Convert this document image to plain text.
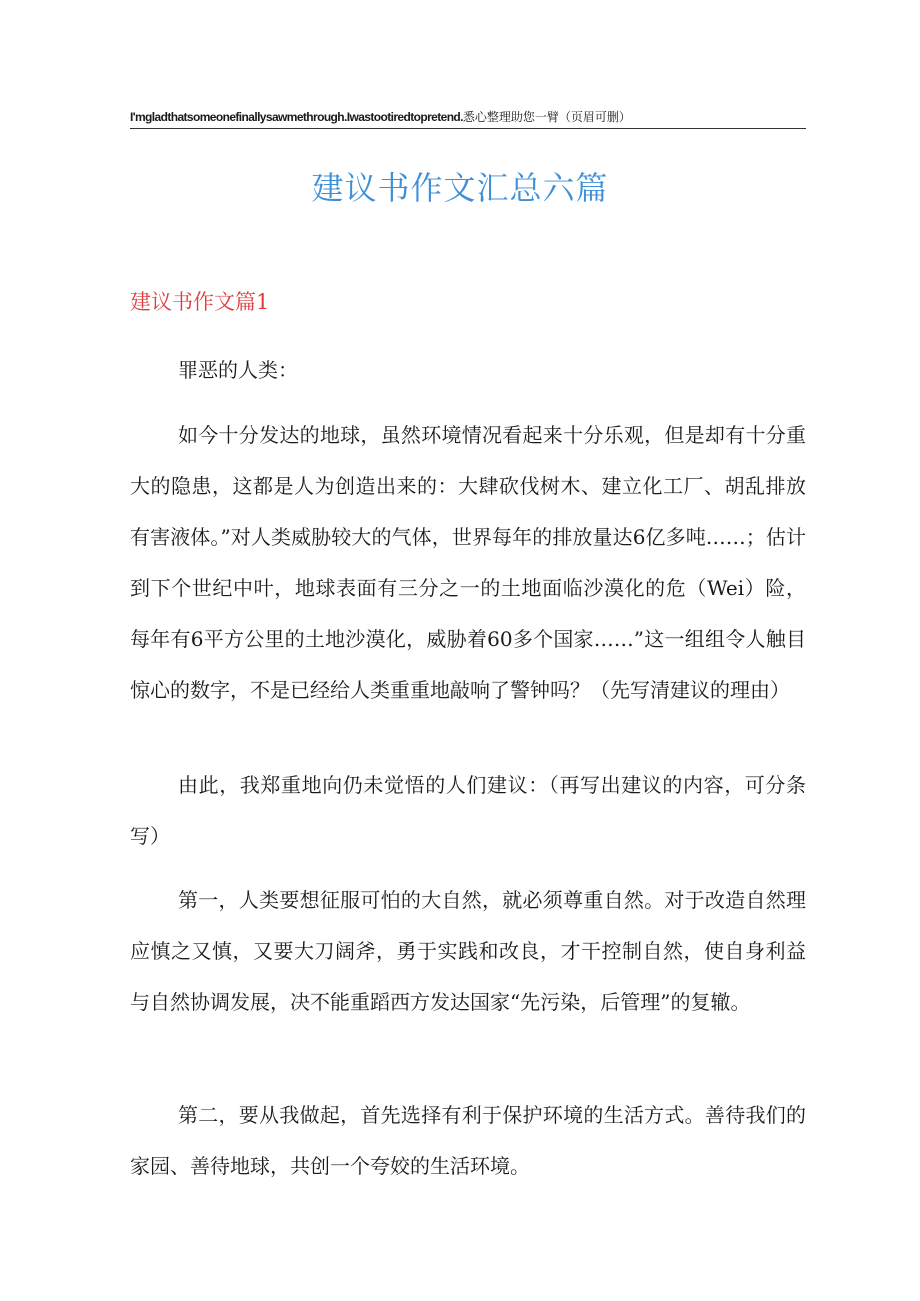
I'mgladthatsomeonefinallysawmethrough.Iwastootiredtopretend.悉心整理助您一臂（页眉可删）
建议书作文汇总六篇
建议书作文篇1

罪恶的人类：

如今十分发达的地球，虽然环境情况看起来十分乐观，但是却有十分重大的隐患，这都是人为创造出来的：大肆砍伐树木、建立化工厂、胡乱排放有害液体。”对人类威胁较大的气体，世界每年的排放量达6亿多吨……；估计到下个世纪中叶，地球表面有三分之一的土地面临沙漠化的危（Wei）险，每年有6平方公里的土地沙漠化，威胁着60多个国家……”这一组组令人触目惊心的数字，不是已经给人类重重地敲响了警钟吗？（先写清建议的理由）

由此，我郑重地向仍未觉悟的人们建议：（再写出建议的内容，可分条写）

第一，人类要想征服可怕的大自然，就必须尊重自然。对于改造自然理应慎之又慎，又要大刀阔斧，勇于实践和改良，才干控制自然，使自身利益与自然协调发展，决不能重蹈西方发达国家“先污染，后管理”的复辙。

第二，要从我做起，首先选择有利于保护环境的生活方式。善待我们的家园、善待地球，共创一个夸姣的生活环境。
